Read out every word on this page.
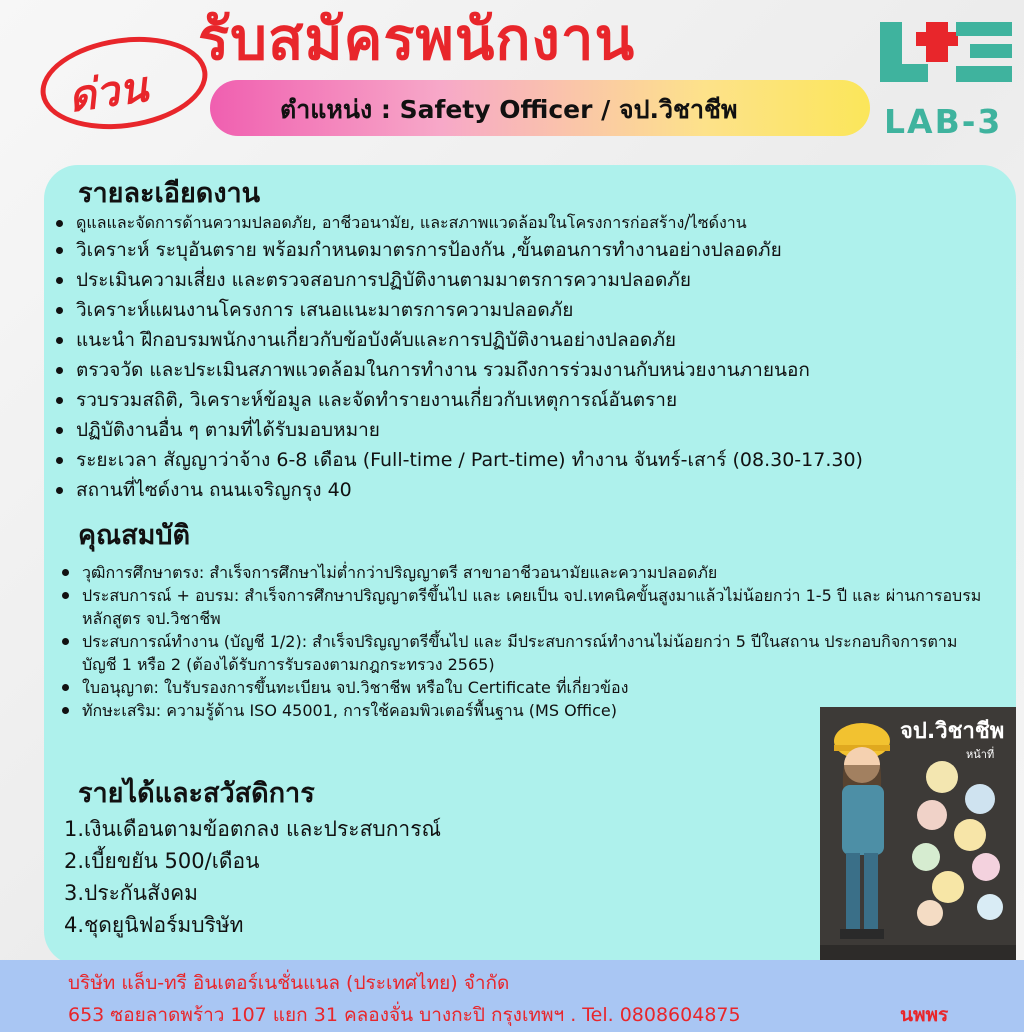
รับสมัครพนักงาน
ด่วน	ตำแหน่ง : Safety Officer / จป.วิชาชีพ	LAB-3
รายละเอียดงาน
ดูแลและจัดการด้านความปลอดภัย, อาชีวอนามัย, และสภาพแวดล้อมในโครงการก่อสร้าง/ไซด์งาน
วิเคราะห์ ระบุอันตราย พร้อมกำหนดมาตรการป้องกัน ,ขั้นตอนการทำงานอย่างปลอดภัย
ประเมินความเสี่ยง และตรวจสอบการปฏิบัติงานตามมาตรการความปลอดภัย
วิเคราะห์แผนงานโครงการ เสนอแนะมาตรการความปลอดภัย
แนะนำ ฝึกอบรมพนักงานเกี่ยวกับข้อบังคับและการปฏิบัติงานอย่างปลอดภัย
ตรวจวัด และประเมินสภาพแวดล้อมในการทำงาน รวมถึงการร่วมงานกับหน่วยงานภายนอก
รวบรวมสถิติ, วิเคราะห์ข้อมูล และจัดทำรายงานเกี่ยวกับเหตุการณ์อันตราย
ปฏิบัติงานอื่น ๆ ตามที่ได้รับมอบหมาย
ระยะเวลา สัญญาว่าจ้าง 6-8 เดือน (Full-time / Part-time) ทำงาน จันทร์-เสาร์ (08.30-17.30)
สถานที่ไซด์งาน ถนนเจริญกรุง 40
คุณสมบัติ
วุฒิการศึกษาตรง: สำเร็จการศึกษาไม่ต่ำกว่าปริญญาตรี สาขาอาชีวอนามัยและความปลอดภัย
ประสบการณ์ + อบรม: สำเร็จการศึกษาปริญญาตรีขึ้นไป และ เคยเป็น จป.เทคนิคขั้นสูงมาแล้วไม่น้อยกว่า 1-5 ปี และ ผ่านการอบรมหลักสูตร จป.วิชาชีพ
ประสบการณ์ทำงาน (บัญชี 1/2): สำเร็จปริญญาตรีขึ้นไป และ มีประสบการณ์ทำงานไม่น้อยกว่า 5 ปีในสถาน ประกอบกิจการตามบัญชี 1 หรือ 2 (ต้องได้รับการรับรองตามกฎกระทรวง 2565)
ใบอนุญาต: ใบรับรองการขึ้นทะเบียน จป.วิชาชีพ หรือใบ Certificate ที่เกี่ยวข้อง
ทักษะเสริม: ความรู้ด้าน ISO 45001, การใช้คอมพิวเตอร์พื้นฐาน (MS Office)
รายได้และสวัสดิการ
1.เงินเดือนตามข้อตกลง และประสบการณ์
2.เบี้ยขยัน 500/เดือน
3.ประกันสังคม
4.ชุดยูนิฟอร์มบริษัท
จป.วิชาชีพ
หน้าที่
บริษัท แล็บ-ทรี อินเตอร์เนชั่นแนล (ประเทศไทย) จำกัด
653 ซอยลาดพร้าว 107 แยก 31 คลองจั่น บางกะปิ กรุงเทพฯ . Tel. 0808604875	นพพร
